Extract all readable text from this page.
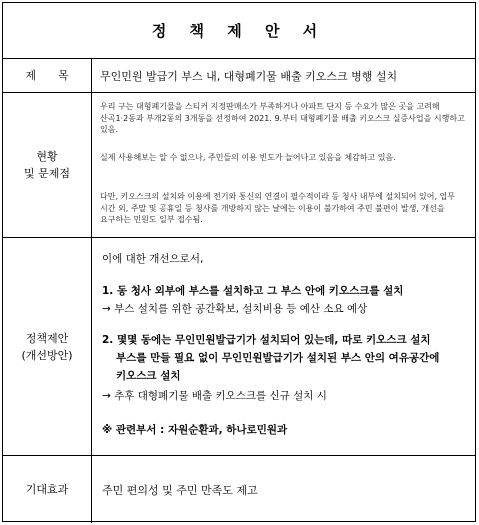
정 책 제 안 서
제 목	무인민원 발급기 부스 내, 대형폐기물 배출 키오스크 병행 설치
현황
및 문제점
우리 구는 대형폐기물을 스티커 지정판매소가 부족하거나 아파트 단지 등 수요가 많은 곳을 고려해 산곡1·2동과 부개2동의 3개동을 선정하여 2021. 9.부터 대형폐기물 배출 키오스크 실증사업을 시행하고 있음.
실제 사용해보는 알 수 없으나, 주민들의 이용 빈도가 늘어나고 있음을 체감하고 있음.
다만, 키오스크의 설치와 이용에 전기와 통신의 연결이 필수적이라 등 청사 내부에 설치되어 있어, 업무 시간 외, 주말 및 공휴일 등 청사를 개방하지 않는 날에는 이용이 불가하여 주민 불편이 발생, 개선을 요구하는 민원도 일부 접수됨.
정책제안
(개선방안)
이에 대한 개선으로서,
1. 동 청사 외부에 부스를 설치하고 그 부스 안에 키오스크를 설치
→ 부스 설치를 위한 공간확보, 설치비용 등 예산 소요 예상
2. 몇몇 동에는 무인민원발급기가 설치되어 있는데, 따로 키오스크 설치
부스를 만들 필요 없이 무인민원발급기가 설치된 부스 안의 여유공간에
키오스크 설치
→ 추후 대형폐기물 배출 키오스크를 신규 설치 시
※ 관련부서 : 자원순환과, 하나로민원과
기대효과	주민 편의성 및 주민 만족도 제고
